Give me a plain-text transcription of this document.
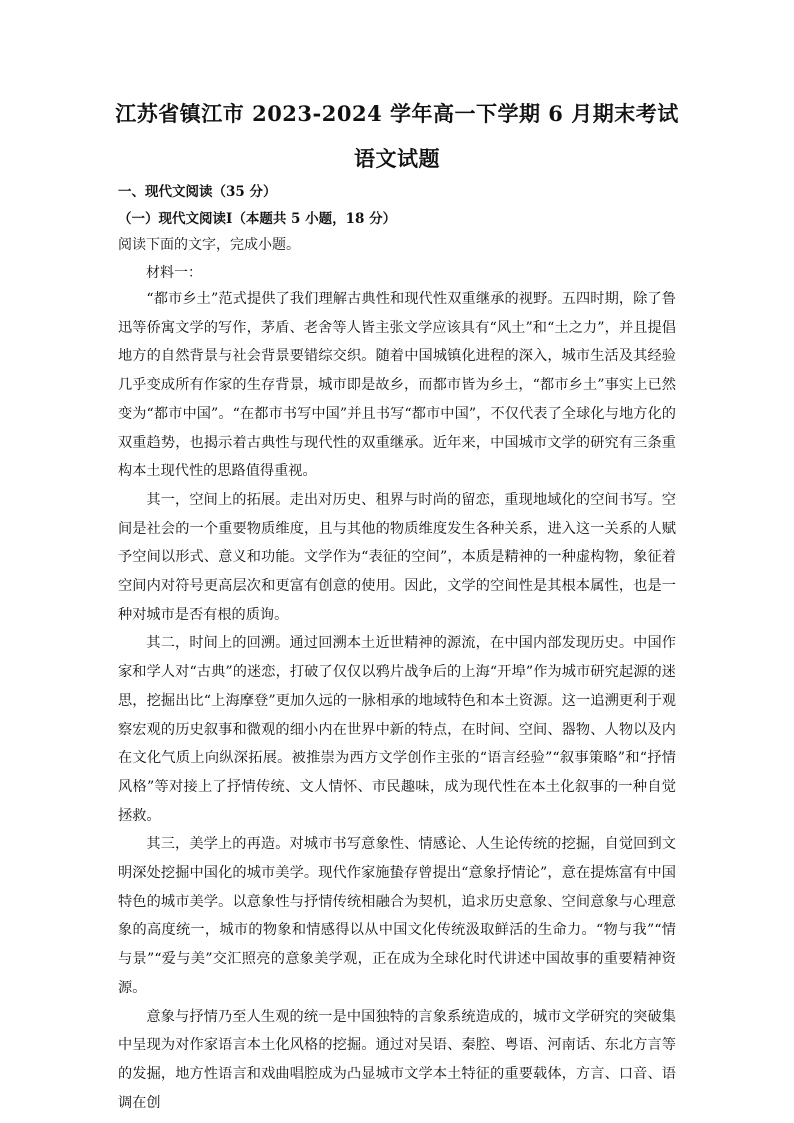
江苏省镇江市 2023-2024 学年高一下学期 6 月期末考试
语文试题
一、现代文阅读（35 分）
（一）现代文阅读Ⅰ（本题共 5 小题，18 分）
阅读下面的文字，完成小题。
材料一：

“都市乡土”范式提供了我们理解古典性和现代性双重继承的视野。五四时期，除了鲁迅等侨寓文学的写作，茅盾、老舍等人皆主张文学应该具有“风土”和“土之力”，并且提倡地方的自然背景与社会背景要错综交织。随着中国城镇化进程的深入，城市生活及其经验几乎变成所有作家的生存背景，城市即是故乡，而都市皆为乡土，“都市乡土”事实上已然变为“都市中国”。“在都市书写中国”并且书写“都市中国”，不仅代表了全球化与地方化的双重趋势，也揭示着古典性与现代性的双重继承。近年来，中国城市文学的研究有三条重构本土现代性的思路值得重视。

其一，空间上的拓展。走出对历史、租界与时尚的留恋，重现地域化的空间书写。空间是社会的一个重要物质维度，且与其他的物质维度发生各种关系，进入这一关系的人赋予空间以形式、意义和功能。文学作为“表征的空间”，本质是精神的一种虚构物，象征着空间内对符号更高层次和更富有创意的使用。因此，文学的空间性是其根本属性，也是一种对城市是否有根的质询。

其二，时间上的回溯。通过回溯本土近世精神的源流，在中国内部发现历史。中国作家和学人对“古典”的迷恋，打破了仅仅以鸦片战争后的上海“开埠”作为城市研究起源的迷思，挖掘出比“上海摩登”更加久远的一脉相承的地域特色和本土资源。这一追溯更利于观察宏观的历史叙事和微观的细小内在世界中新的特点，在时间、空间、器物、人物以及内在文化气质上向纵深拓展。被推崇为西方文学创作主张的“语言经验”“叙事策略”和“抒情风格”等对接上了抒情传统、文人情怀、市民趣味，成为现代性在本土化叙事的一种自觉拯救。

其三，美学上的再造。对城市书写意象性、情感论、人生论传统的挖掘，自觉回到文明深处挖掘中国化的城市美学。现代作家施蛰存曾提出“意象抒情论”，意在提炼富有中国特色的城市美学。以意象性与抒情传统相融合为契机，追求历史意象、空间意象与心理意象的高度统一，城市的物象和情感得以从中国文化传统汲取鲜活的生命力。“物与我”“情与景”“爱与美”交汇照亮的意象美学观，正在成为全球化时代讲述中国故事的重要精神资源。

意象与抒情乃至人生观的统一是中国独特的言象系统造成的，城市文学研究的突破集中呈现为对作家语言本土化风格的挖掘。通过对吴语、秦腔、粤语、河南话、东北方言等的发掘，地方性语言和戏曲唱腔成为凸显城市文学本土特征的重要载体，方言、口音、语调在创
